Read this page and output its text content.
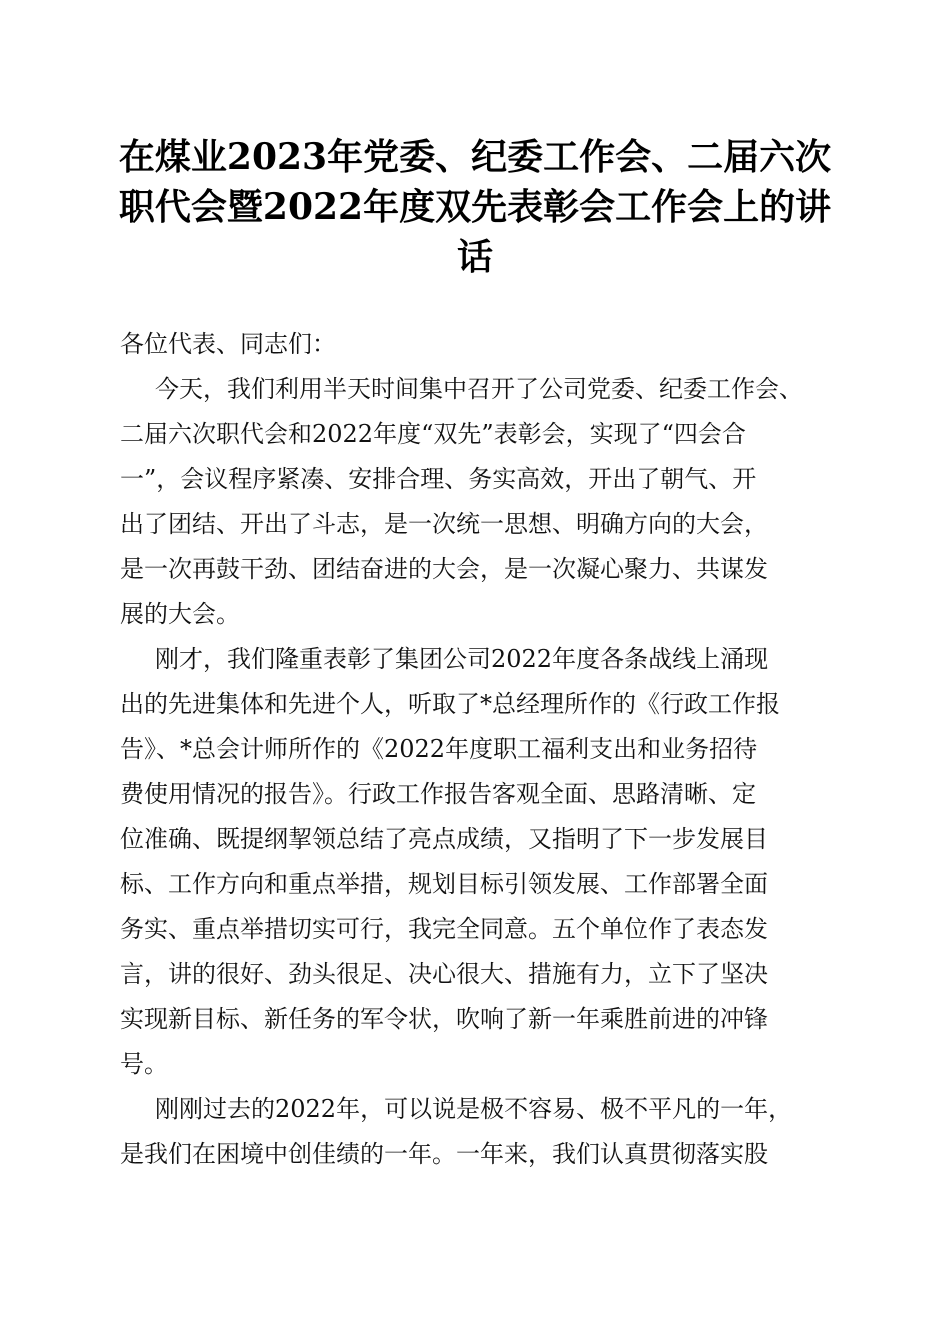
在煤业2023年党委、纪委工作会、二届六次
职代会暨2022年度双先表彰会工作会上的讲
话
各位代表、同志们：
今天，我们利用半天时间集中召开了公司党委、纪委工作会、
二届六次职代会和2022年度“双先”表彰会，实现了“四会合
一”，会议程序紧凑、安排合理、务实高效，开出了朝气、开
出了团结、开出了斗志，是一次统一思想、明确方向的大会，
是一次再鼓干劲、团结奋进的大会，是一次凝心聚力、共谋发
展的大会。
刚才，我们隆重表彰了集团公司2022年度各条战线上涌现
出的先进集体和先进个人，听取了*总经理所作的《行政工作报
告》、*总会计师所作的《2022年度职工福利支出和业务招待
费使用情况的报告》。行政工作报告客观全面、思路清晰、定
位准确、既提纲挈领总结了亮点成绩，又指明了下一步发展目
标、工作方向和重点举措，规划目标引领发展、工作部署全面
务实、重点举措切实可行，我完全同意。五个单位作了表态发
言，讲的很好、劲头很足、决心很大、措施有力，立下了坚决
实现新目标、新任务的军令状，吹响了新一年乘胜前进的冲锋
号。
刚刚过去的2022年，可以说是极不容易、极不平凡的一年，
是我们在困境中创佳绩的一年。一年来，我们认真贯彻落实股
